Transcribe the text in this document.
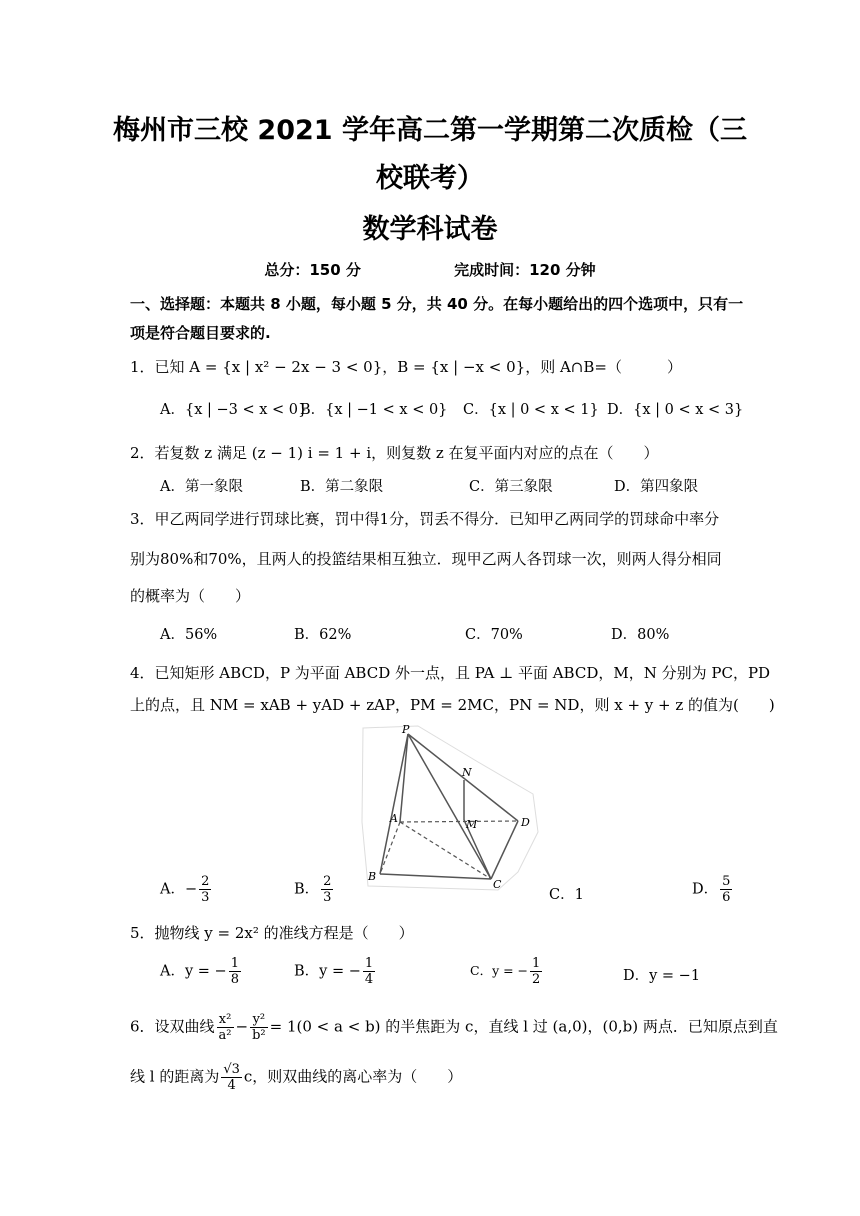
梅州市三校 2021 学年高二第一学期第二次质检（三
校联考）
数学科试卷
总分：150 分	完成时间：120 分钟
一、选择题：本题共 8 小题，每小题 5 分，共 40 分。在每小题给出的四个选项中，只有一
项是符合题目要求的.
1．已知 A = {x | x² − 2x − 3 < 0}，B = {x | −x < 0}，则 A∩B=（　　　）
A．{x | −3 < x < 0}
B．{x | −1 < x < 0} C．{x | 0 < x < 1} D．{x | 0 < x < 3}
2．若复数 z 满足 (z − 1) i = 1 + i，则复数 z 在复平面内对应的点在（　　）
A．第一象限	B．第二象限	C．第三象限	D．第四象限
3．甲乙两同学进行罚球比赛，罚中得1分，罚丢不得分．已知甲乙两同学的罚球命中率分
别为80%和70%，且两人的投篮结果相互独立．现甲乙两人各罚球一次，则两人得分相同
的概率为（　　）
A．56%	B．62%	C．70%	D．80%
4．已知矩形 ABCD，P 为平面 ABCD 外一点，且 PA ⊥ 平面 ABCD，M，N 分别为 PC，PD
上的点，且 NM = xAB + yAD + zAP，PM = 2MC，PN = ND，则 x + y + z 的值为(　　)
P
N
A	M	D
B
C
A．− $\frac{2}{3}$	B． $\frac{2}{3}$	C．1	D． $\frac{5}{6}$
5．抛物线 y = 2x² 的准线方程是（　　）
A．y = − $\frac{1}{8}$	B．y = − $\frac{1}{4}$	C．y = − $\frac{1}{2}$	D．y = −1
6．设双曲线 $\frac{\text{x²}}{\text{a²}} - \frac{\text{y²}}{\text{b²}} = 1(0 < a < b)$ 的半焦距为 c，直线 l 过 (a,0)，(0,b) 两点．已知原点到直
线 l 的距离为 $\frac{√3}{4}$ c，则双曲线的离心率为（　　）
